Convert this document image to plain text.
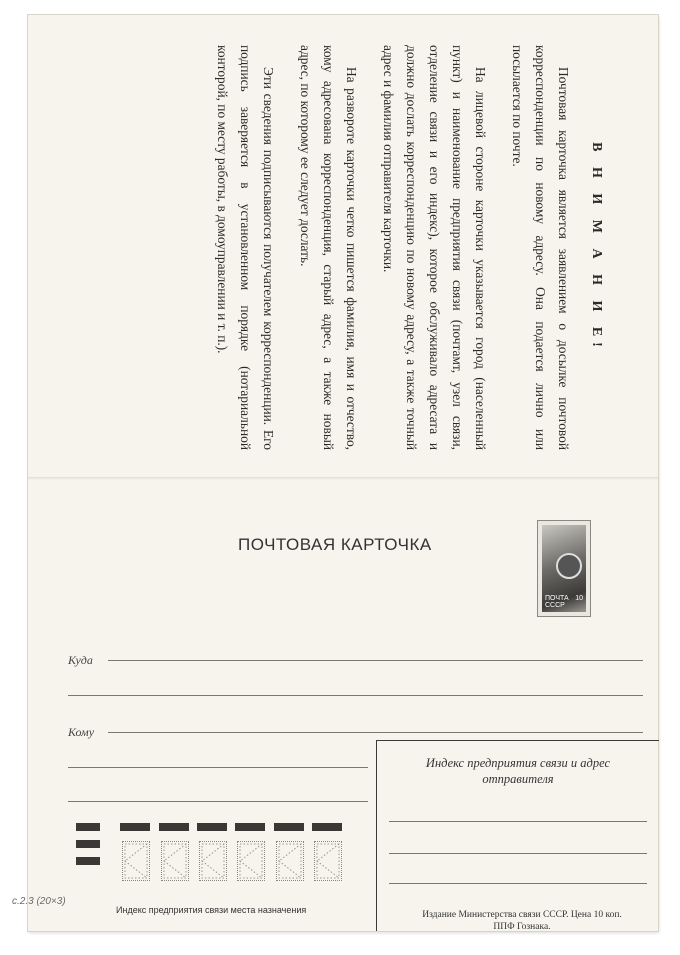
В Н И М А Н И Е!

Почтовая карточка является заявлением о досылке почтовой корреспонденции по новому адресу. Она подается лично или посылается по почте.

На лицевой стороне карточки указывается город (населенный пункт) и наименование предприятия связи (почтамт, узел связи, отделение связи и его индекс), которое обслуживало адресата и должно дослать корреспонденцию по новому адресу, а также точный адрес и фамилия отправителя карточки.

На развороте карточки четко пишется фамилия, имя и отчество, кому адресована корреспонденция, старый адрес, а также новый адрес, по которому ее следует дослать.

Эти сведения подписываются получателем корреспонденции. Его подпись заверяется в установленном порядке (нотариальной конторой, по месту работы, в домоуправлении и т. п.).

ПОЧТОВАЯ КАРТОЧКА
ПОЧТА СССР
10
Куда
Кому
Индекс предприятия связи и адрес отправителя
Издание Министерства связи СССР. Цена 10 коп.
ППФ Гознака.
Индекс предприятия связи места назначения
с.2.3 (20×3)
